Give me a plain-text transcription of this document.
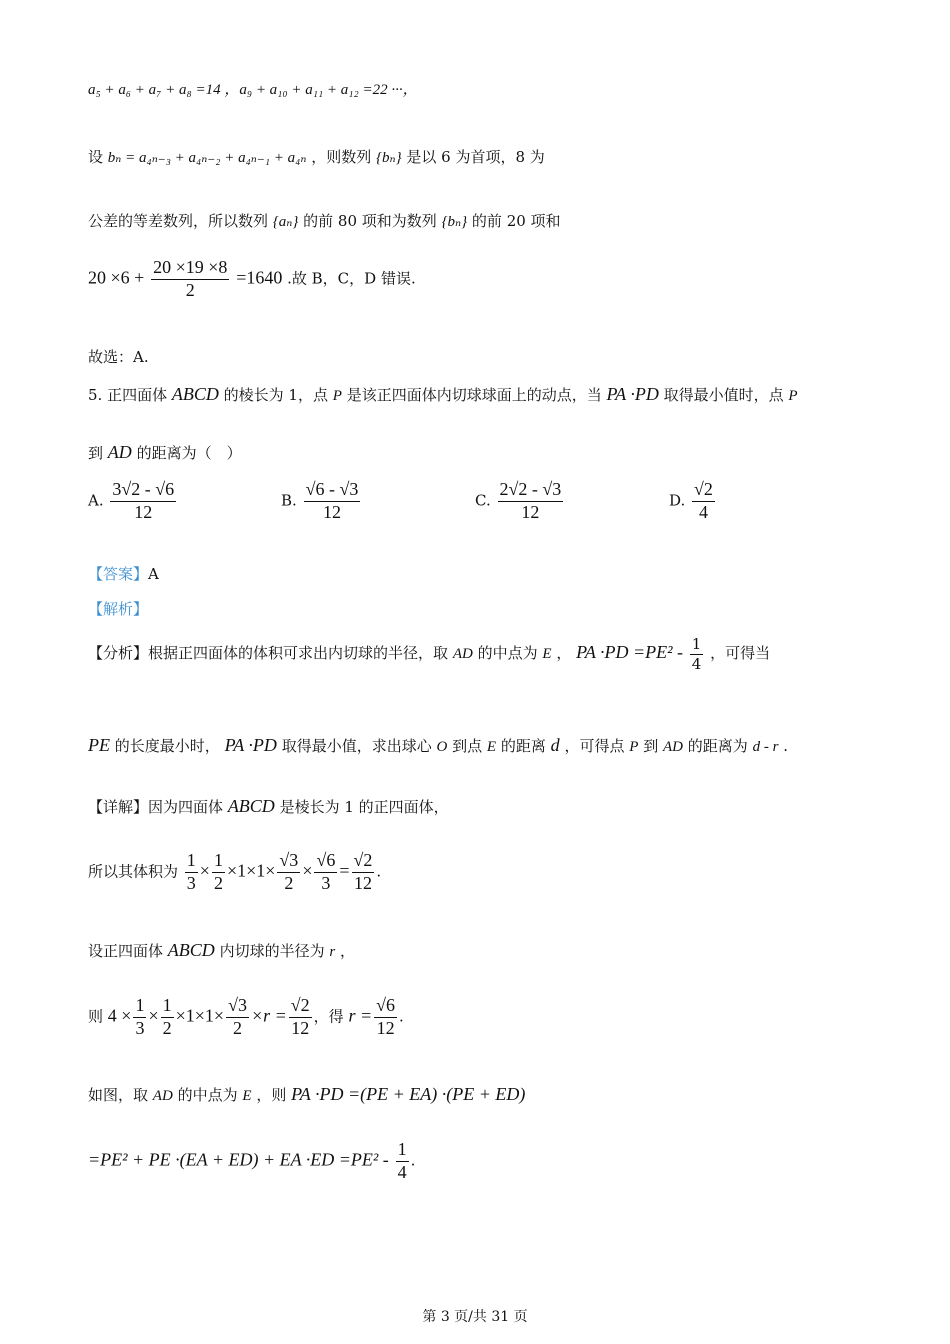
a₅ + a₆ + a₇ + a₈ =14 ，a₉ + a₁₀ + a₁₁ + a₁₂ =22 ···，
设 bₙ = a₄ₙ₋₃ + a₄ₙ₋₂ + a₄ₙ₋₁ + a₄ₙ ，则数列 {bₙ} 是以 6 为首项，8 为
公差的等差数列，所以数列 {aₙ} 的前 80 项和为数列 {bₙ} 的前 20 项和
$20 \times 6 + \frac{20 \times 19 \times 8}{2} =1640$ .故 B，C，D 错误.
故选：A.
5. 正四面体 ABCD 的棱长为 1，点 P 是该正四面体内切球球面上的动点，当 PA ·PD 取得最小值时，点 P
到 AD 的距离为（　）
A. $\frac{3√2 - √6}{12}$	B. $\frac{√6 - √3}{12}$	C. $\frac{2√2 - √3}{12}$	D. $\frac{√2}{4}$
【答案】A
【解析】
【分析】根据正四面体的体积可求出内切球的半径，取 AD 的中点为 E ， PA $\cdot PD =PE^2 - \frac{1}{4}$ ，可得当
PE 的长度最小时， PA ·PD 取得最小值，求出球心 O 到点 E 的距离 d ，可得点 P 到 AD 的距离为 d - r .
【详解】因为四面体 ABCD 是棱长为 1 的正四面体，
所以其体积为 $\frac{1}{3} \times \frac{1}{2} \times 1\times 1\times \frac{√3}{2} \times \frac{√6}{3} = \frac{√2}{12}$ .
设正四面体 ABCD 内切球的半径为 r ，
则 $4 \times \frac{1}{3} \times \frac{1}{2} \times 1\times 1\times \frac{√3}{2} \times r = \frac{√2}{12}$ ，得 $r = \frac{√6}{12}$ .
如图，取 AD 的中点为 E ，则 PA ·PD =(PE + EA) ·(PE + ED)
=PE² + PE ·(EA + ED) + EA $\cdot ED =PE^2 - \frac{1}{4}$ .
第 3 页/共 31 页
